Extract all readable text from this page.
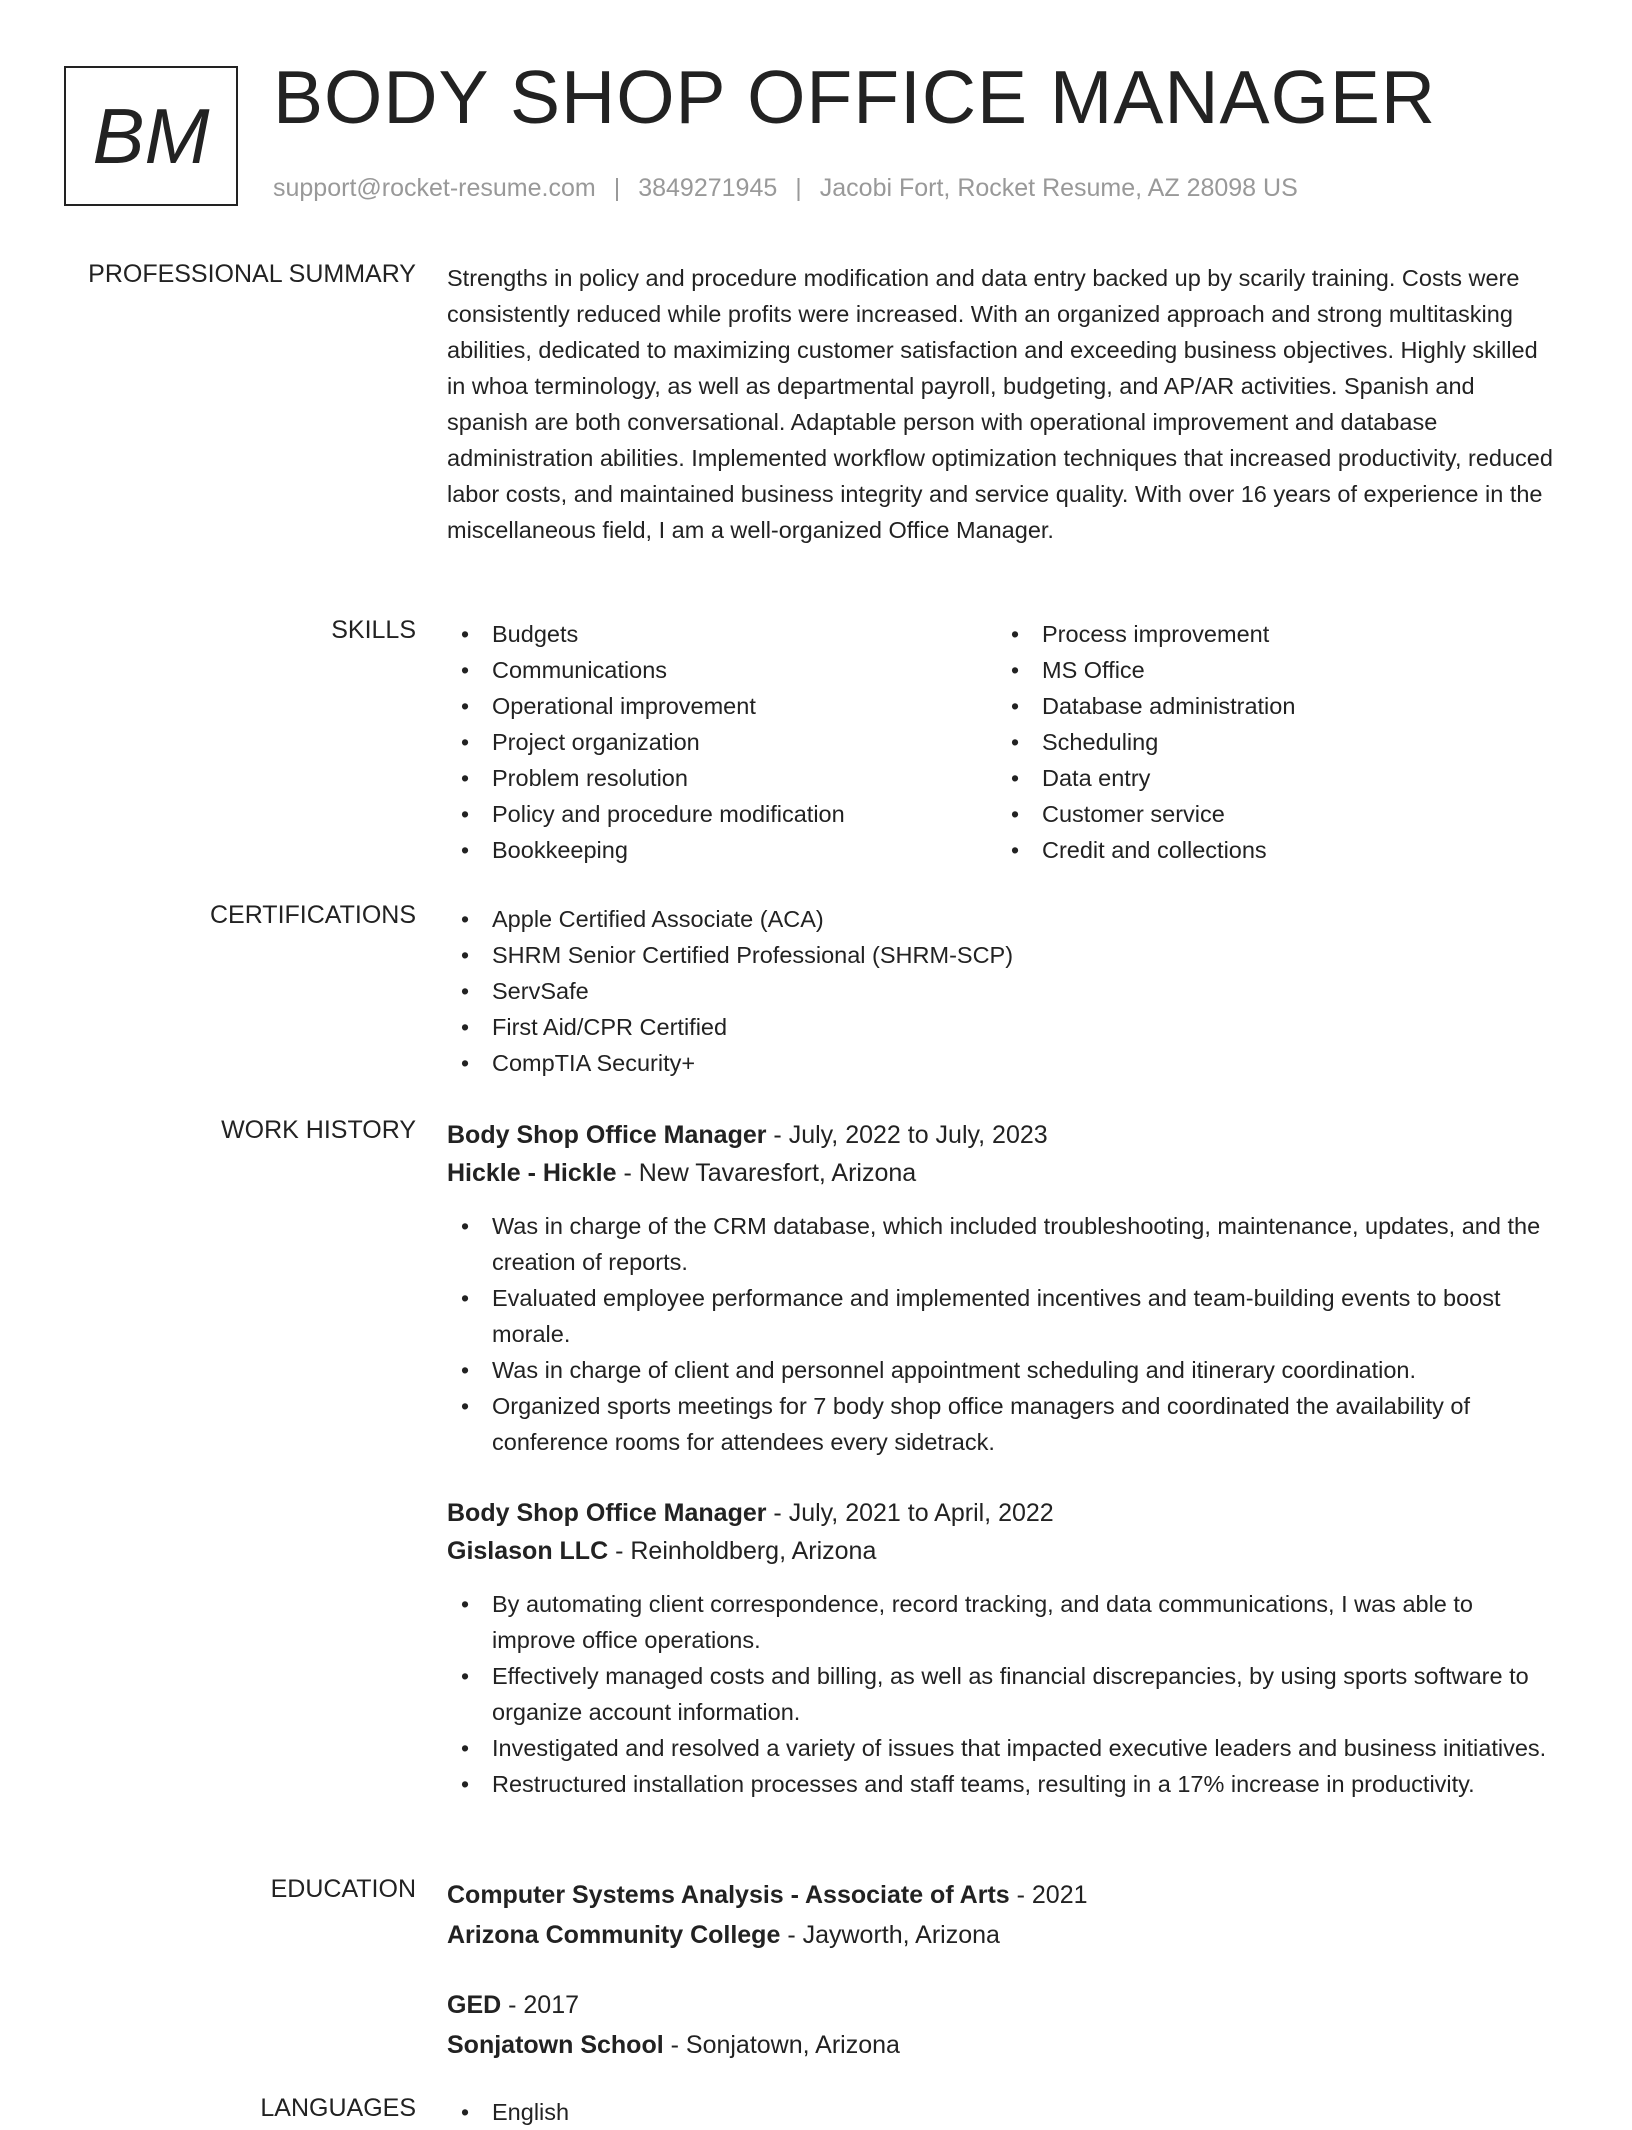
BM BODY SHOP OFFICE MANAGER
support@rocket-resume.com | 3849271945 | Jacobi Fort, Rocket Resume, AZ 28098 US
PROFESSIONAL SUMMARY Strengths in policy and procedure modification and data entry backed up by scarily training. Costs were consistently reduced while profits were increased. With an organized approach and strong multitasking abilities, dedicated to maximizing customer satisfaction and exceeding business objectives. Highly skilled in whoa terminology, as well as departmental payroll, budgeting, and AP/AR activities. Spanish and spanish are both conversational. Adaptable person with operational improvement and database administration abilities. Implemented workflow optimization techniques that increased productivity, reduced labor costs, and maintained business integrity and service quality. With over 16 years of experience in the miscellaneous field, I am a well-organized Office Manager.

SKILLS	• Budgets
• Communications
• Operational improvement
• Project organization
• Problem resolution
• Policy and procedure modification
• Bookkeeping
• Process improvement
• MS Office
• Database administration
• Scheduling
• Data entry
• Customer service
• Credit and collections
CERTIFICATIONS	• Apple Certified Associate (ACA)
• SHRM Senior Certified Professional (SHRM-SCP)
• ServSafe
• First Aid/CPR Certified
• CompTIA Security+
WORK HISTORY Body Shop Office Manager - July, 2022 to July, 2023
Hickle - Hickle - New Tavaresfort, Arizona
• Was in charge of the CRM database, which included troubleshooting, maintenance, updates, and the creation of reports.
• Evaluated employee performance and implemented incentives and team-building events to boost morale.
• Was in charge of client and personnel appointment scheduling and itinerary coordination.
• Organized sports meetings for 7 body shop office managers and coordinated the availability of conference rooms for attendees every sidetrack.
Body Shop Office Manager - July, 2021 to April, 2022
Gislason LLC - Reinholdberg, Arizona
• By automating client correspondence, record tracking, and data communications, I was able to improve office operations.
• Effectively managed costs and billing, as well as financial discrepancies, by using sports software to organize account information.
• Investigated and resolved a variety of issues that impacted executive leaders and business initiatives.
• Restructured installation processes and staff teams, resulting in a 17% increase in productivity.
EDUCATION Computer Systems Analysis - Associate of Arts - 2021
Arizona Community College - Jayworth, Arizona
GED - 2017
Sonjatown School - Sonjatown, Arizona
LANGUAGES	• English
